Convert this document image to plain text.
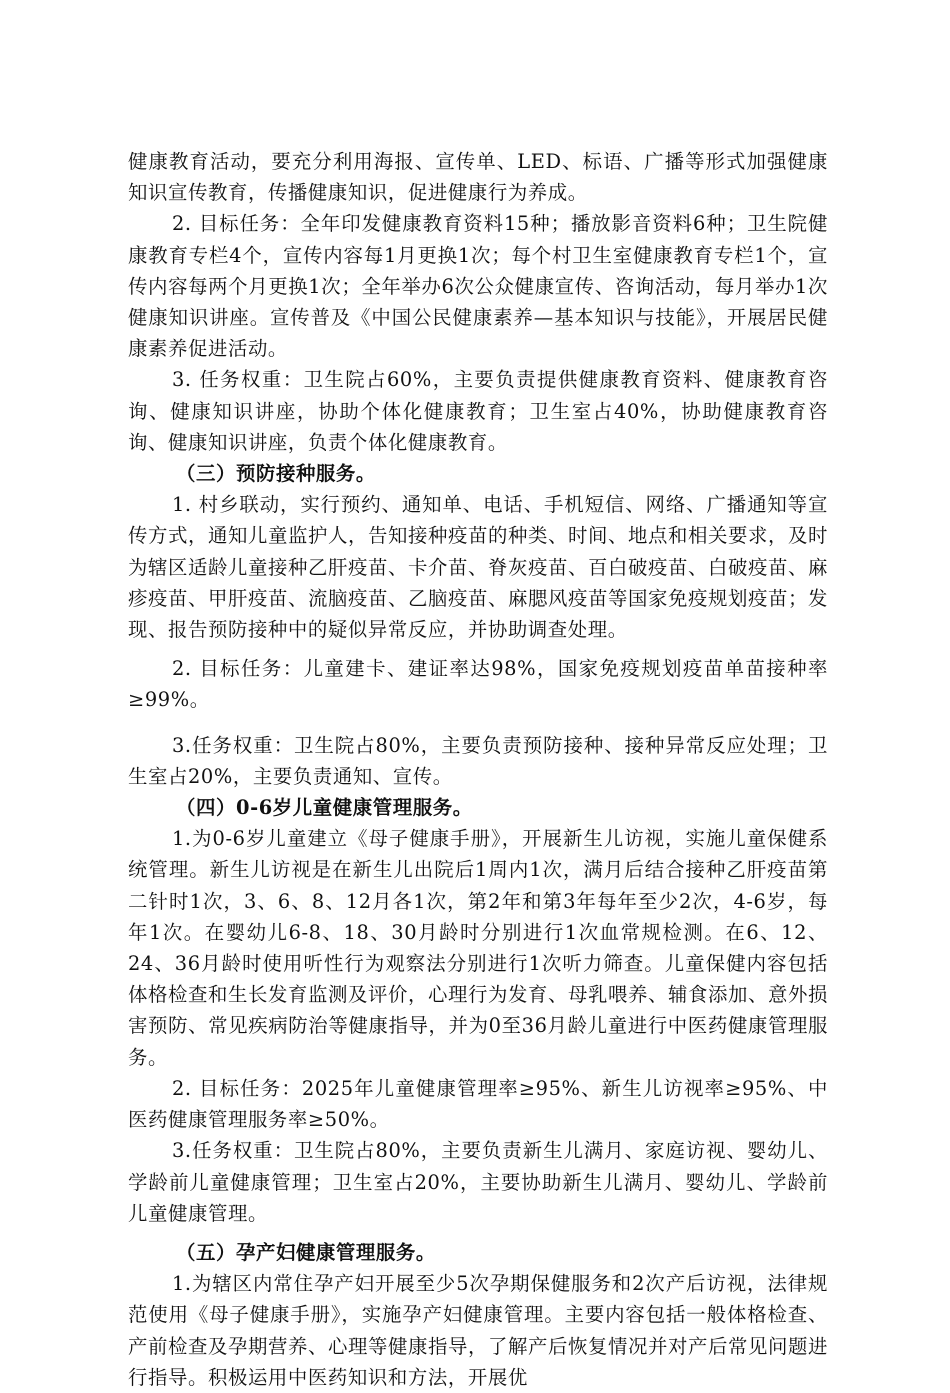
健康教育活动，要充分利用海报、宣传单、LED、标语、广播等形式加强健康知识宣传教育，传播健康知识，促进健康行为养成。

2. 目标任务：全年印发健康教育资料15种；播放影音资料6种；卫生院健康教育专栏4个，宣传内容每1月更换1次；每个村卫生室健康教育专栏1个，宣传内容每两个月更换1次；全年举办6次公众健康宣传、咨询活动，每月举办1次健康知识讲座。宣传普及《中国公民健康素养—基本知识与技能》，开展居民健康素养促进活动。

3. 任务权重：卫生院占60%，主要负责提供健康教育资料、健康教育咨询、健康知识讲座，协助个体化健康教育；卫生室占40%，协助健康教育咨询、健康知识讲座，负责个体化健康教育。

（三）预防接种服务。

1. 村乡联动，实行预约、通知单、电话、手机短信、网络、广播通知等宣传方式，通知儿童监护人，告知接种疫苗的种类、时间、地点和相关要求，及时为辖区适龄儿童接种乙肝疫苗、卡介苗、脊灰疫苗、百白破疫苗、白破疫苗、麻疹疫苗、甲肝疫苗、流脑疫苗、乙脑疫苗、麻腮风疫苗等国家免疫规划疫苗；发现、报告预防接种中的疑似异常反应，并协助调查处理。

2. 目标任务：儿童建卡、建证率达98%，国家免疫规划疫苗单苗接种率≥99%。

3.任务权重：卫生院占80%，主要负责预防接种、接种异常反应处理；卫生室占20%，主要负责通知、宣传。

（四）0-6岁儿童健康管理服务。

1.为0-6岁儿童建立《母子健康手册》，开展新生儿访视，实施儿童保健系统管理。新生儿访视是在新生儿出院后1周内1次，满月后结合接种乙肝疫苗第二针时1次，3、6、8、12月各1次，第2年和第3年每年至少2次，4-6岁，每年1次。在婴幼儿6-8、18、30月龄时分别进行1次血常规检测。在6、12、24、36月龄时使用听性行为观察法分别进行1次听力筛查。儿童保健内容包括体格检查和生长发育监测及评价，心理行为发育、母乳喂养、辅食添加、意外损害预防、常见疾病防治等健康指导，并为0至36月龄儿童进行中医药健康管理服务。

2. 目标任务：2025年儿童健康管理率≥95%、新生儿访视率≥95%、中医药健康管理服务率≥50%。

3.任务权重：卫生院占80%，主要负责新生儿满月、家庭访视、婴幼儿、学龄前儿童健康管理；卫生室占20%，主要协助新生儿满月、婴幼儿、学龄前儿童健康管理。

（五）孕产妇健康管理服务。

1.为辖区内常住孕产妇开展至少5次孕期保健服务和2次产后访视，法律规范使用《母子健康手册》，实施孕产妇健康管理。主要内容包括一般体格检查、产前检查及孕期营养、心理等健康指导，了解产后恢复情况并对产后常见问题进行指导。积极运用中医药知识和方法，开展优
